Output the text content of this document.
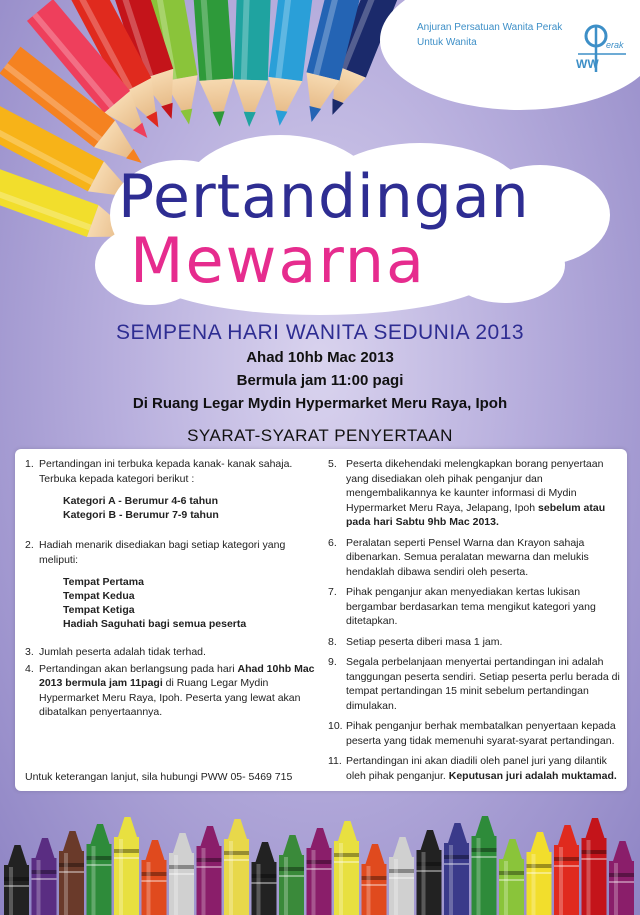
Anjuran Persatuan Wanita Perak
Untuk Wanita	erak
WW
Pertandingan
Mewarna
SEMPENA HARI WANITA SEDUNIA 2013
Ahad 10hb Mac 2013
Bermula jam 11:00 pagi
Di Ruang Legar Mydin Hypermarket Meru Raya, Ipoh
SYARAT-SYARAT PENYERTAAN
1. Pertandingan ini terbuka kepada kanak- kanak sahaja. Terbuka kepada kategori berikut :
Kategori A - Berumur 4-6 tahun
Kategori B - Berumur 7-9 tahun
2. Hadiah menarik disediakan bagi setiap kategori yang meliputi:
Tempat Pertama
Tempat Kedua
Tempat Ketiga
Hadiah Saguhati bagi semua peserta
3. Jumlah peserta adalah tidak terhad.
4. Pertandingan akan berlangsung pada hari Ahad 10hb Mac 2013 bermula jam 11pagi di Ruang Legar Mydin Hypermarket Meru Raya, Ipoh. Peserta yang lewat akan dibatalkan penyertaannya.
5. Peserta dikehendaki melengkapkan borang penyertaan yang disediakan oleh pihak penganjur dan mengembalikannya ke kaunter informasi di Mydin Hypermarket Meru Raya, Jelapang, Ipoh sebelum atau pada hari Sabtu 9hb Mac 2013.
6. Peralatan seperti Pensel Warna dan Krayon sahaja dibenarkan. Semua peralatan mewarna dan melukis hendaklah dibawa sendiri oleh peserta.
7. Pihak penganjur akan menyediakan kertas lukisan bergambar berdasarkan tema mengikut kategori yang ditetapkan.
8. Setiap peserta diberi masa 1 jam.
9. Segala perbelanjaan menyertai pertandingan ini adalah tanggungan peserta sendiri. Setiap peserta perlu berada di tempat pertandingan 15 minit sebelum pertandingan dimulakan.
10. Pihak penganjur berhak membatalkan penyertaan kepada peserta yang tidak memenuhi syarat-syarat pertandingan.
11. Pertandingan ini akan diadili oleh panel juri yang dilantik oleh pihak penganjur. Keputusan juri adalah muktamad.
Untuk keterangan lanjut, sila hubungi PWW 05- 5469 715
